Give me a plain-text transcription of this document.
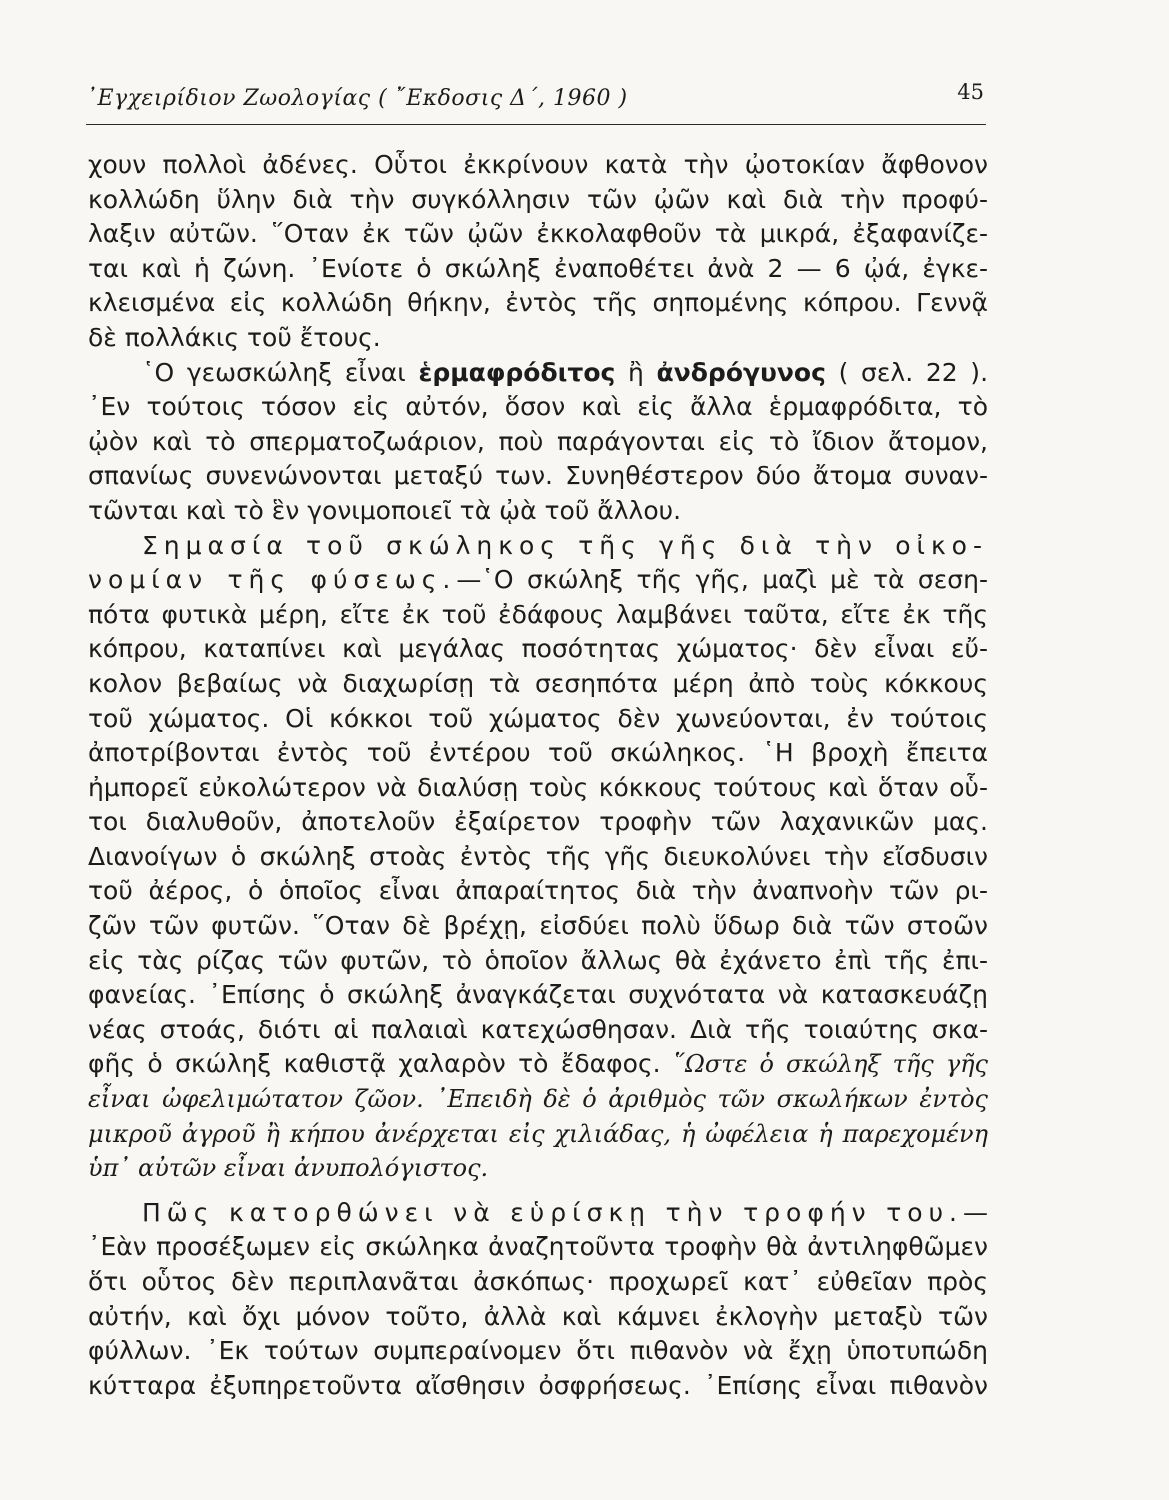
᾿Εγχειρίδιον Ζωολογίας ( ῎Εκδοσις Δ΄, 1960 )	45
χουν πολλοὶ ἀδένες. Οὗτοι ἐκκρίνουν κατὰ τὴν ᾠοτοκίαν ἄφθονον
κολλώδη ὕλην διὰ τὴν συγκόλλησιν τῶν ᾠῶν καὶ διὰ τὴν προφύ-
λαξιν αὐτῶν. ῞Οταν ἐκ τῶν ᾠῶν ἐκκολαφθοῦν τὰ μικρά, ἐξαφανίζε-
ται καὶ ἡ ζώνη. ᾿Ενίοτε ὁ σκώληξ ἐναποθέτει ἀνὰ 2 — 6 ᾠά, ἐγκε-
κλεισμένα εἰς κολλώδη θήκην, ἐντὸς τῆς σηπομένης κόπρου. Γεννᾷ
δὲ πολλάκις τοῦ ἔτους.
῾Ο γεωσκώληξ εἶναι ἑρμαφρόδιτος ἢ ἀνδρόγυνος ( σελ. 22 ).
᾿Εν τούτοις τόσον εἰς αὐτόν, ὅσον καὶ εἰς ἄλλα ἑρμαφρόδιτα, τὸ
ᾠὸν καὶ τὸ σπερματοζωάριον, ποὺ παράγονται εἰς τὸ ἴδιον ἄτομον,
σπανίως συνενώνονται μεταξύ των. Συνηθέστερον δύο ἄτομα συναν-
τῶνται καὶ τὸ ἓν γονιμοποιεῖ τὰ ᾠὰ τοῦ ἄλλου.
Σημασία τοῦ σκώληκος τῆς γῆς διὰ τὴν οἰκο-
νομίαν τῆς φύσεως.—῾Ο σκώληξ τῆς γῆς, μαζὶ μὲ τὰ σεση-
πότα φυτικὰ μέρη, εἴτε ἐκ τοῦ ἐδάφους λαμβάνει ταῦτα, εἴτε ἐκ τῆς
κόπρου, καταπίνει καὶ μεγάλας ποσότητας χώματος· δὲν εἶναι εὔ-
κολον βεβαίως νὰ διαχωρίσῃ τὰ σεσηπότα μέρη ἀπὸ τοὺς κόκκους
τοῦ χώματος. Οἱ κόκκοι τοῦ χώματος δὲν χωνεύονται, ἐν τούτοις
ἀποτρίβονται ἐντὸς τοῦ ἐντέρου τοῦ σκώληκος. ῾Η βροχὴ ἔπειτα
ἠμπορεῖ εὐκολώτερον νὰ διαλύσῃ τοὺς κόκκους τούτους καὶ ὅταν οὗ-
τοι διαλυθοῦν, ἀποτελοῦν ἐξαίρετον τροφὴν τῶν λαχανικῶν μας.
Διανοίγων ὁ σκώληξ στοὰς ἐντὸς τῆς γῆς διευκολύνει τὴν εἴσδυσιν
τοῦ ἀέρος, ὁ ὁποῖος εἶναι ἀπαραίτητος διὰ τὴν ἀναπνοὴν τῶν ρι-
ζῶν τῶν φυτῶν. ῞Οταν δὲ βρέχῃ, εἰσδύει πολὺ ὕδωρ διὰ τῶν στοῶν
εἰς τὰς ρίζας τῶν φυτῶν, τὸ ὁποῖον ἄλλως θὰ ἐχάνετο ἐπὶ τῆς ἐπι-
φανείας. ᾿Επίσης ὁ σκώληξ ἀναγκάζεται συχνότατα νὰ κατασκευάζῃ
νέας στοάς, διότι αἱ παλαιαὶ κατεχώσθησαν. Διὰ τῆς τοιαύτης σκα-
φῆς ὁ σκώληξ καθιστᾷ χαλαρὸν τὸ ἔδαφος. ῞Ωστε ὁ σκώληξ τῆς γῆς
εἶναι ὠφελιμώτατον ζῶον. ᾿Επειδὴ δὲ ὁ ἀριθμὸς τῶν σκωλήκων ἐντὸς
μικροῦ ἀγροῦ ἢ κήπου ἀνέρχεται εἰς χιλιάδας, ἡ ὠφέλεια ἡ παρεχομένη
ὑπ᾿ αὐτῶν εἶναι ἀνυπολόγιστος.
Πῶς κατορθώνει νὰ εὑρίσκῃ τὴν τροφήν του.—
᾿Εὰν προσέξωμεν εἰς σκώληκα ἀναζητοῦντα τροφὴν θὰ ἀντιληφθῶμεν
ὅτι οὗτος δὲν περιπλανᾶται ἀσκόπως· προχωρεῖ κατ᾿ εὐθεῖαν πρὸς
αὐτήν, καὶ ὄχι μόνον τοῦτο, ἀλλὰ καὶ κάμνει ἐκλογὴν μεταξὺ τῶν
φύλλων. ᾿Εκ τούτων συμπεραίνομεν ὅτι πιθανὸν νὰ ἔχῃ ὑποτυπώδη
κύτταρα ἐξυπηρετοῦντα αἴσθησιν ὀσφρήσεως. ᾿Επίσης εἶναι πιθανὸν
